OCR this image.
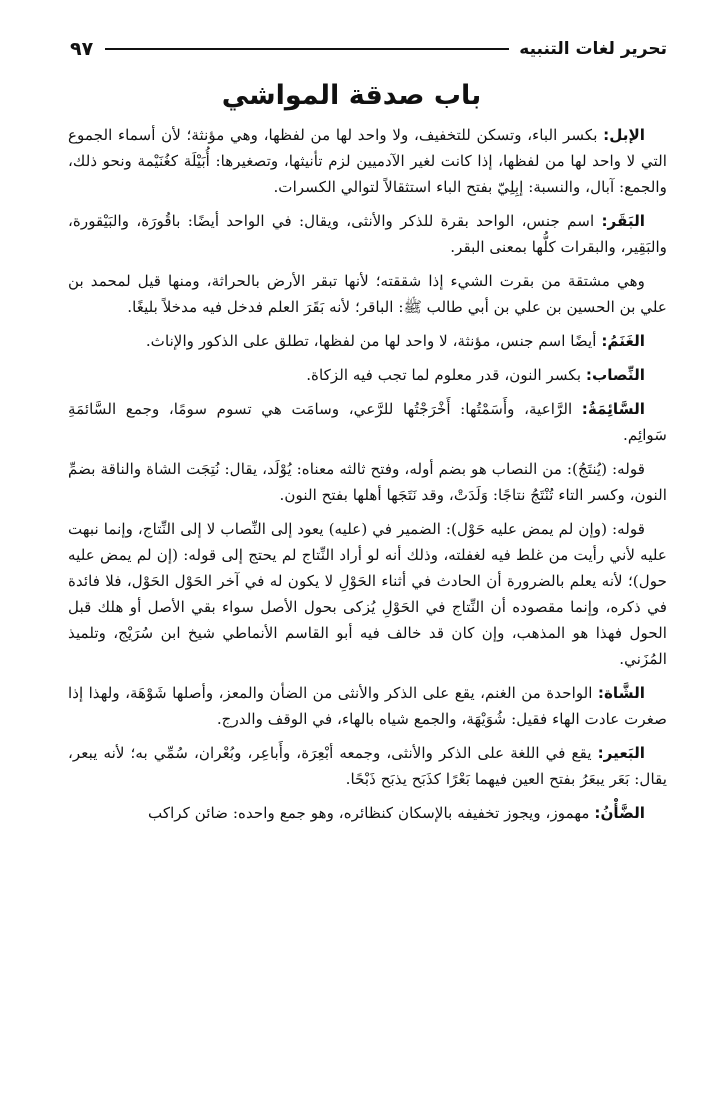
تحرير لغات التنبيه
٩٧
باب صدقة المواشي

الإبل: بكسر الباء، وتسكن للتخفيف، ولا واحد لها من لفظها، وهي مؤنثة؛ لأن أسماء الجموع التي لا واحد لها من لفظها، إذا كانت لغير الآدميين لزم تأنيثها، وتصغيرها: أُبَيْلَة كغُنَيْمة ونحو ذلك، والجمع: آبال، والنسبة: إبِلِيّ بفتح الباء استثقالاً لتوالي الكسرات.

البَقَر: اسم جنس، الواحد بقرة للذكر والأنثى، ويقال: في الواحد أيضًا: باقُورَة، والبَيْقورة، والبَقِير، والبقرات كلُّها بمعنى البقر.

وهي مشتقة من بقرت الشيء إذا شققته؛ لأنها تبقر الأرض بالحراثة، ومنها قيل لمحمد بن علي بن الحسين بن علي بن أبي طالب ﷺ: الباقر؛ لأنه بَقَرَ العلم فدخل فيه مدخلاً بليغًا.

الغَنَمُ: أيضًا اسم جنس، مؤنثة، لا واحد لها من لفظها، تطلق على الذكور والإناث.

النِّصاب: بكسر النون، قدر معلوم لما تجب فيه الزكاة.

السَّائِمَةُ: الرَّاعية، وأَسَمْتُها: أَخْرَجْتُها للرَّعي، وسامَت هي تسوم سومًا، وجمع السَّائمَةِ سَوائِم.

قوله: (يُنتَجُ): من النصاب هو بضم أوله، وفتح ثالثه معناه: يُوْلَد، يقال: نُتِجَت الشاة والناقة بضمِّ النون، وكسر التاء تُنْتَجُ نتاجًا: وَلَدَتْ، وقد نَتَجَها أهلها بفتح النون.

قوله: (وإن لم يمض عليه حَوْل): الضمير في (عليه) يعود إلى النِّصاب لا إلى النِّتاج، وإنما نبهت عليه لأني رأيت من غلط فيه لغفلته، وذلك أنه لو أراد النِّتاج لم يحتج إلى قوله: (إن لم يمض عليه حول)؛ لأنه يعلم بالضرورة أن الحادث في أثناء الحَوْلِ لا يكون له في آخر الحَوْل الحَوْل، فلا فائدة في ذكره، وإنما مقصوده أن النِّتاج في الحَوْلِ يُزكى بحول الأصل سواء بقي الأصل أو هلك قبل الحول فهذا هو المذهب، وإن كان قد خالف فيه أبو القاسم الأنماطي شيخ ابن سُرَيْج، وتلميذ المُزَني.

الشَّاة: الواحدة من الغنم، يقع على الذكر والأنثى من الضأن والمعز، وأصلها شَوْهَة، ولهذا إذا صغرت عادت الهاء فقيل: شُوَيْهَة، والجمع شياه بالهاء، في الوقف والدرج.

البَعير: يقع في اللغة على الذكر والأنثى، وجمعه أبْعِرَة، وأَباعِر، وبُعْران، سُمِّي به؛ لأنه يبعر، يقال: بَعَر يبعَرُ بفتح العين فيهما بَعْرًا كذَبَح يذبَح ذَبْحًا.

الضَّأْنُ: مهموز، ويجوز تخفيفه بالإسكان كنظائره، وهو جمع واحده: ضائن كراكب
